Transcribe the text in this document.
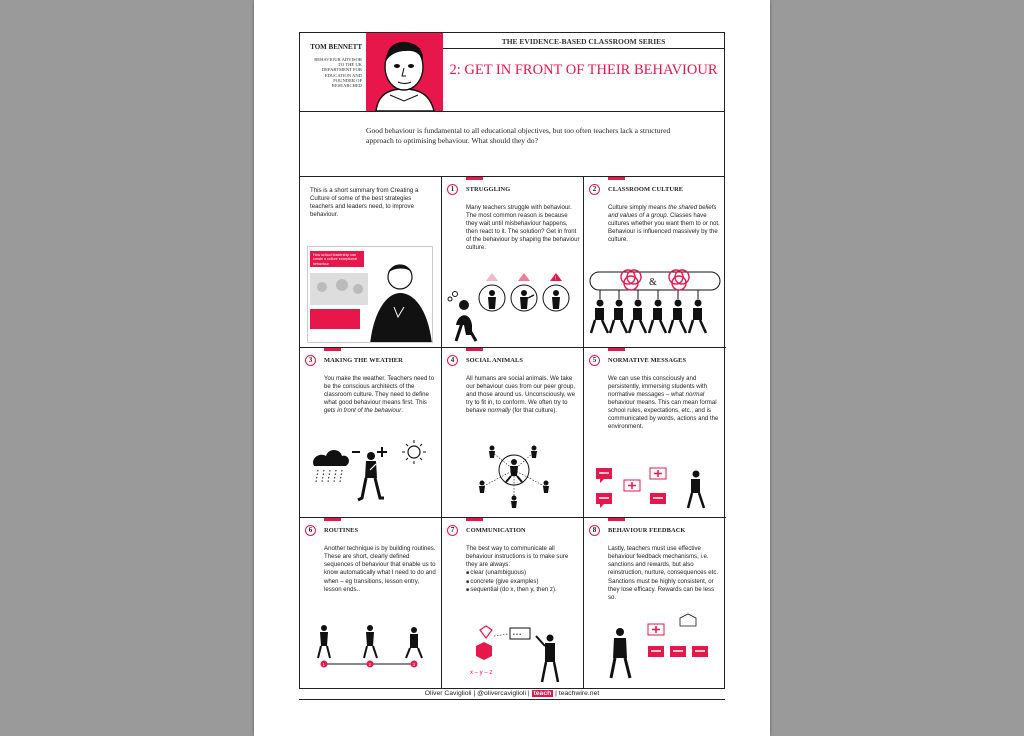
TOM BENNETT
BEHAVIOUR ADVISOR TO THE UK DEPARTMENT FOR EDUCATION AND FOUNDER OF RESEARCHED
THE EVIDENCE-BASED CLASSROOM SERIES
2: GET IN FRONT OF THEIR BEHAVIOUR

Good behaviour is fundamental to all educational objectives, but too often teachers lack a structured approach to optimising behaviour. What should they do?

This is a short summary from Creating a Culture of some of the best strategies teachers and leaders need, to improve behaviour.
How school leadership can create a culture exceptional behaviour
1	STRUGGLING
Many teachers struggle with behaviour. The most common reason is because they wait until misbehaviour happens, then react to it. The solution? Get in front of the behaviour by shaping the behaviour culture.
!
2	CLASSROOM CULTURE
Culture simply means the shared beliefs and values of a group. Classes have cultures whether you want them to or not. Behaviour is influenced massively by the culture.
&
3	MAKING THE WEATHER
You make the weather. Teachers need to be the conscious architects of the classroom culture. They need to define what good behaviour means first. This gets in front of the behaviour.
4	SOCIAL ANIMALS
All humans are social animals. We take our behaviour cues from our peer group, and those around us. Unconsciously, we try to fit in, to conform. We often try to behave normally (for that culture).
5	NORMATIVE MESSAGES
We can use this consciously and persistently, immersing students with normative messages – what normal behaviour means. This can mean formal school rules, expectations, etc., and is communicated by words, actions and the environment.
6	ROUTINES
Another technique is by building routines. These are short, clearly defined sequences of behaviour that enable us to know automatically what I need to do and when – eg transitions, lesson entry, lesson ends..
1	2	3
7	COMMUNICATION
The best way to communicate all behaviour instructions is to make sure they are always:
■ clear (unambiguous)
■ concrete (give examples)
■ sequential (do x, then y, then z).
• • •
x – y – z
8	BEHAVIOUR FEEDBACK
Lastly, teachers must use effective behaviour feedback mechanisms, i.e. sanctions and rewards, but also reinstruction, nurture, consequences etc. Sanctions must be highly consistent, or they lose efficacy. Rewards can be less so.
Oliver Caviglioli | @olivercaviglioli | teach | teachwire.net
